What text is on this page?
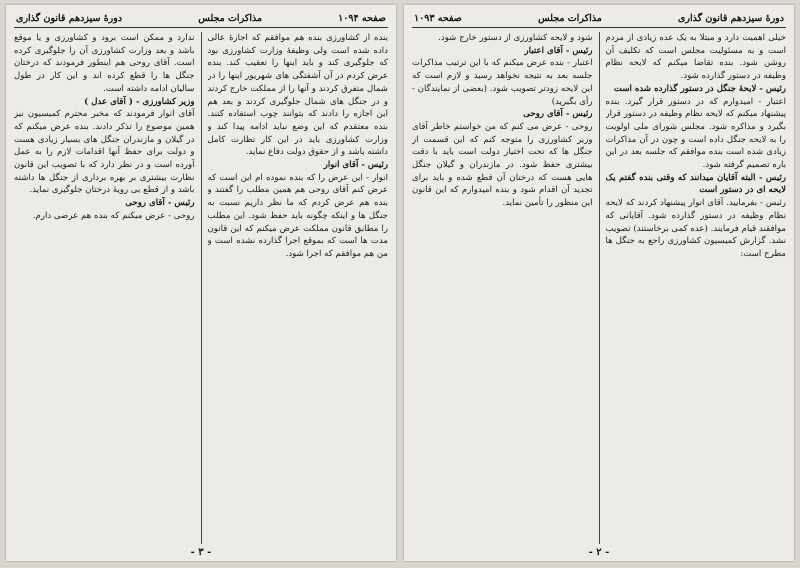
صفحه ۱۰۹۴
مذاکرات مجلس
دورهٔ سیزدهم قانون گذاری

بنده از کشاورزی بنده هم موافقم که اجازهٔ عالی داده شده است ولی وظیفهٔ وزارت کشاورزی بود که جلوگیری کند و باید اینها را تعقیب کند. بنده عرض کردم در آن آشفتگی های شهریور اینها را در شمال متفرق کردند و آنها را از مملکت خارج کردند و در جنگل های شمال جلوگیری کردند و بعد هم این اجازه را دادند که بتوانند چوب استفاده کنند. بنده معتقدم که این وضع نباید ادامه پیدا کند و وزارت کشاورزی باید در این کار نظارت کامل داشته باشد و از حقوق دولت دفاع نماید.

رئیس - آقای انوار

انوار - این عرض را که بنده نموده ام این است که عرض کنم آقای روحی هم همین مطلب را گفتند و بنده هم عرض کردم که ما نظر داریم نسبت به جنگل ها و اینکه چگونه باید حفظ شود. این مطلب را مطابق قانون مملکت عرض میکنم که این قانون مدت ها است که بموقع اجرا گذارده نشده است و من هم موافقم که اجرا شود.

ندارد و ممکن است برود و کشاورزی و یا موقع باشد و بعد وزارت کشاورزی آن را جلوگیری کرده است. آقای روحی هم اینطور فرمودند که درختان جنگل ها را قطع کرده اند و این کار در طول سالیان ادامه داشته است.

وزیر کشاورزی - ( آقای عدل )

آقای انوار فرمودند که مخبر محترم کمیسیون نیز همین موضوع را تذکر دادند. بنده عرض میکنم که در گیلان و مازندران جنگل های بسیار زیادی هست و دولت برای حفظ آنها اقدامات لازم را به عمل آورده است و در نظر دارد که با تصویب این قانون نظارت بیشتری بر بهره برداری از جنگل ها داشته باشد و از قطع بی رویهٔ درختان جلوگیری نماید.

رئیس - آقای روحی

روحی - عرض میکنم که بنده هم عرضی دارم.

- ۳ -
دورهٔ سیزدهم قانون گذاری
مذاکرات مجلس
صفحه ۱۰۹۳

خیلی اهمیت دارد و مبتلا به یک عده زیادی از مردم است و به مسئولیت مجلس است که تکلیف آن روشن شود. بنده تقاضا میکنم که لایحه نظام وظیفه در دستور گذارده شود.

رئیس - لایحهٔ جنگل در دستور گذارده شده است

اعتبار - امیدوارم که در دستور قرار گیرد. بنده پیشنهاد میکنم که لایحه نظام وظیفه در دستور قرار بگیرد و مذاکره شود. مجلس شورای ملی اولویت را به لایحه جنگل داده است و چون در آن مذاکرات زیادی شده است بنده موافقم که جلسه بعد در این باره تصمیم گرفته شود.

رئیس - البته آقایان میدانند که وقتی بنده گفتم یک لایحه ای در دستور است

رئیس - بفرمایید. آقای انوار پیشنهاد کردند که لایحه نظام وظیفه در دستور گذارده شود. آقایانی که موافقند قیام فرمایند. (عده کمی برخاستند) تصویب نشد. گزارش کمیسیون کشاورزی راجع به جنگل ها مطرح است:

شود و لایحه کشاورزی از دستور خارج شود.

رئیس - آقای اعتبار

اعتبار - بنده عرض میکنم که با این ترتیب مذاکرات جلسه بعد به نتیجه نخواهد رسید و لازم است که این لایحه زودتر تصویب شود. (بعضی از نمایندگان - رأی بگیرید)

رئیس - آقای روحی

روحی - عرض می کنم که من خواستم خاطر آقای وزیر کشاورزی را متوجه کنم که این قسمت از جنگل ها که تحت اختیار دولت است باید با دقت بیشتری حفظ شود. در مازندران و گیلان جنگل هایی هست که درختان آن قطع شده و باید برای تجدید آن اقدام شود و بنده امیدوارم که این قانون این منظور را تأمین نماید.

- ۲ -
